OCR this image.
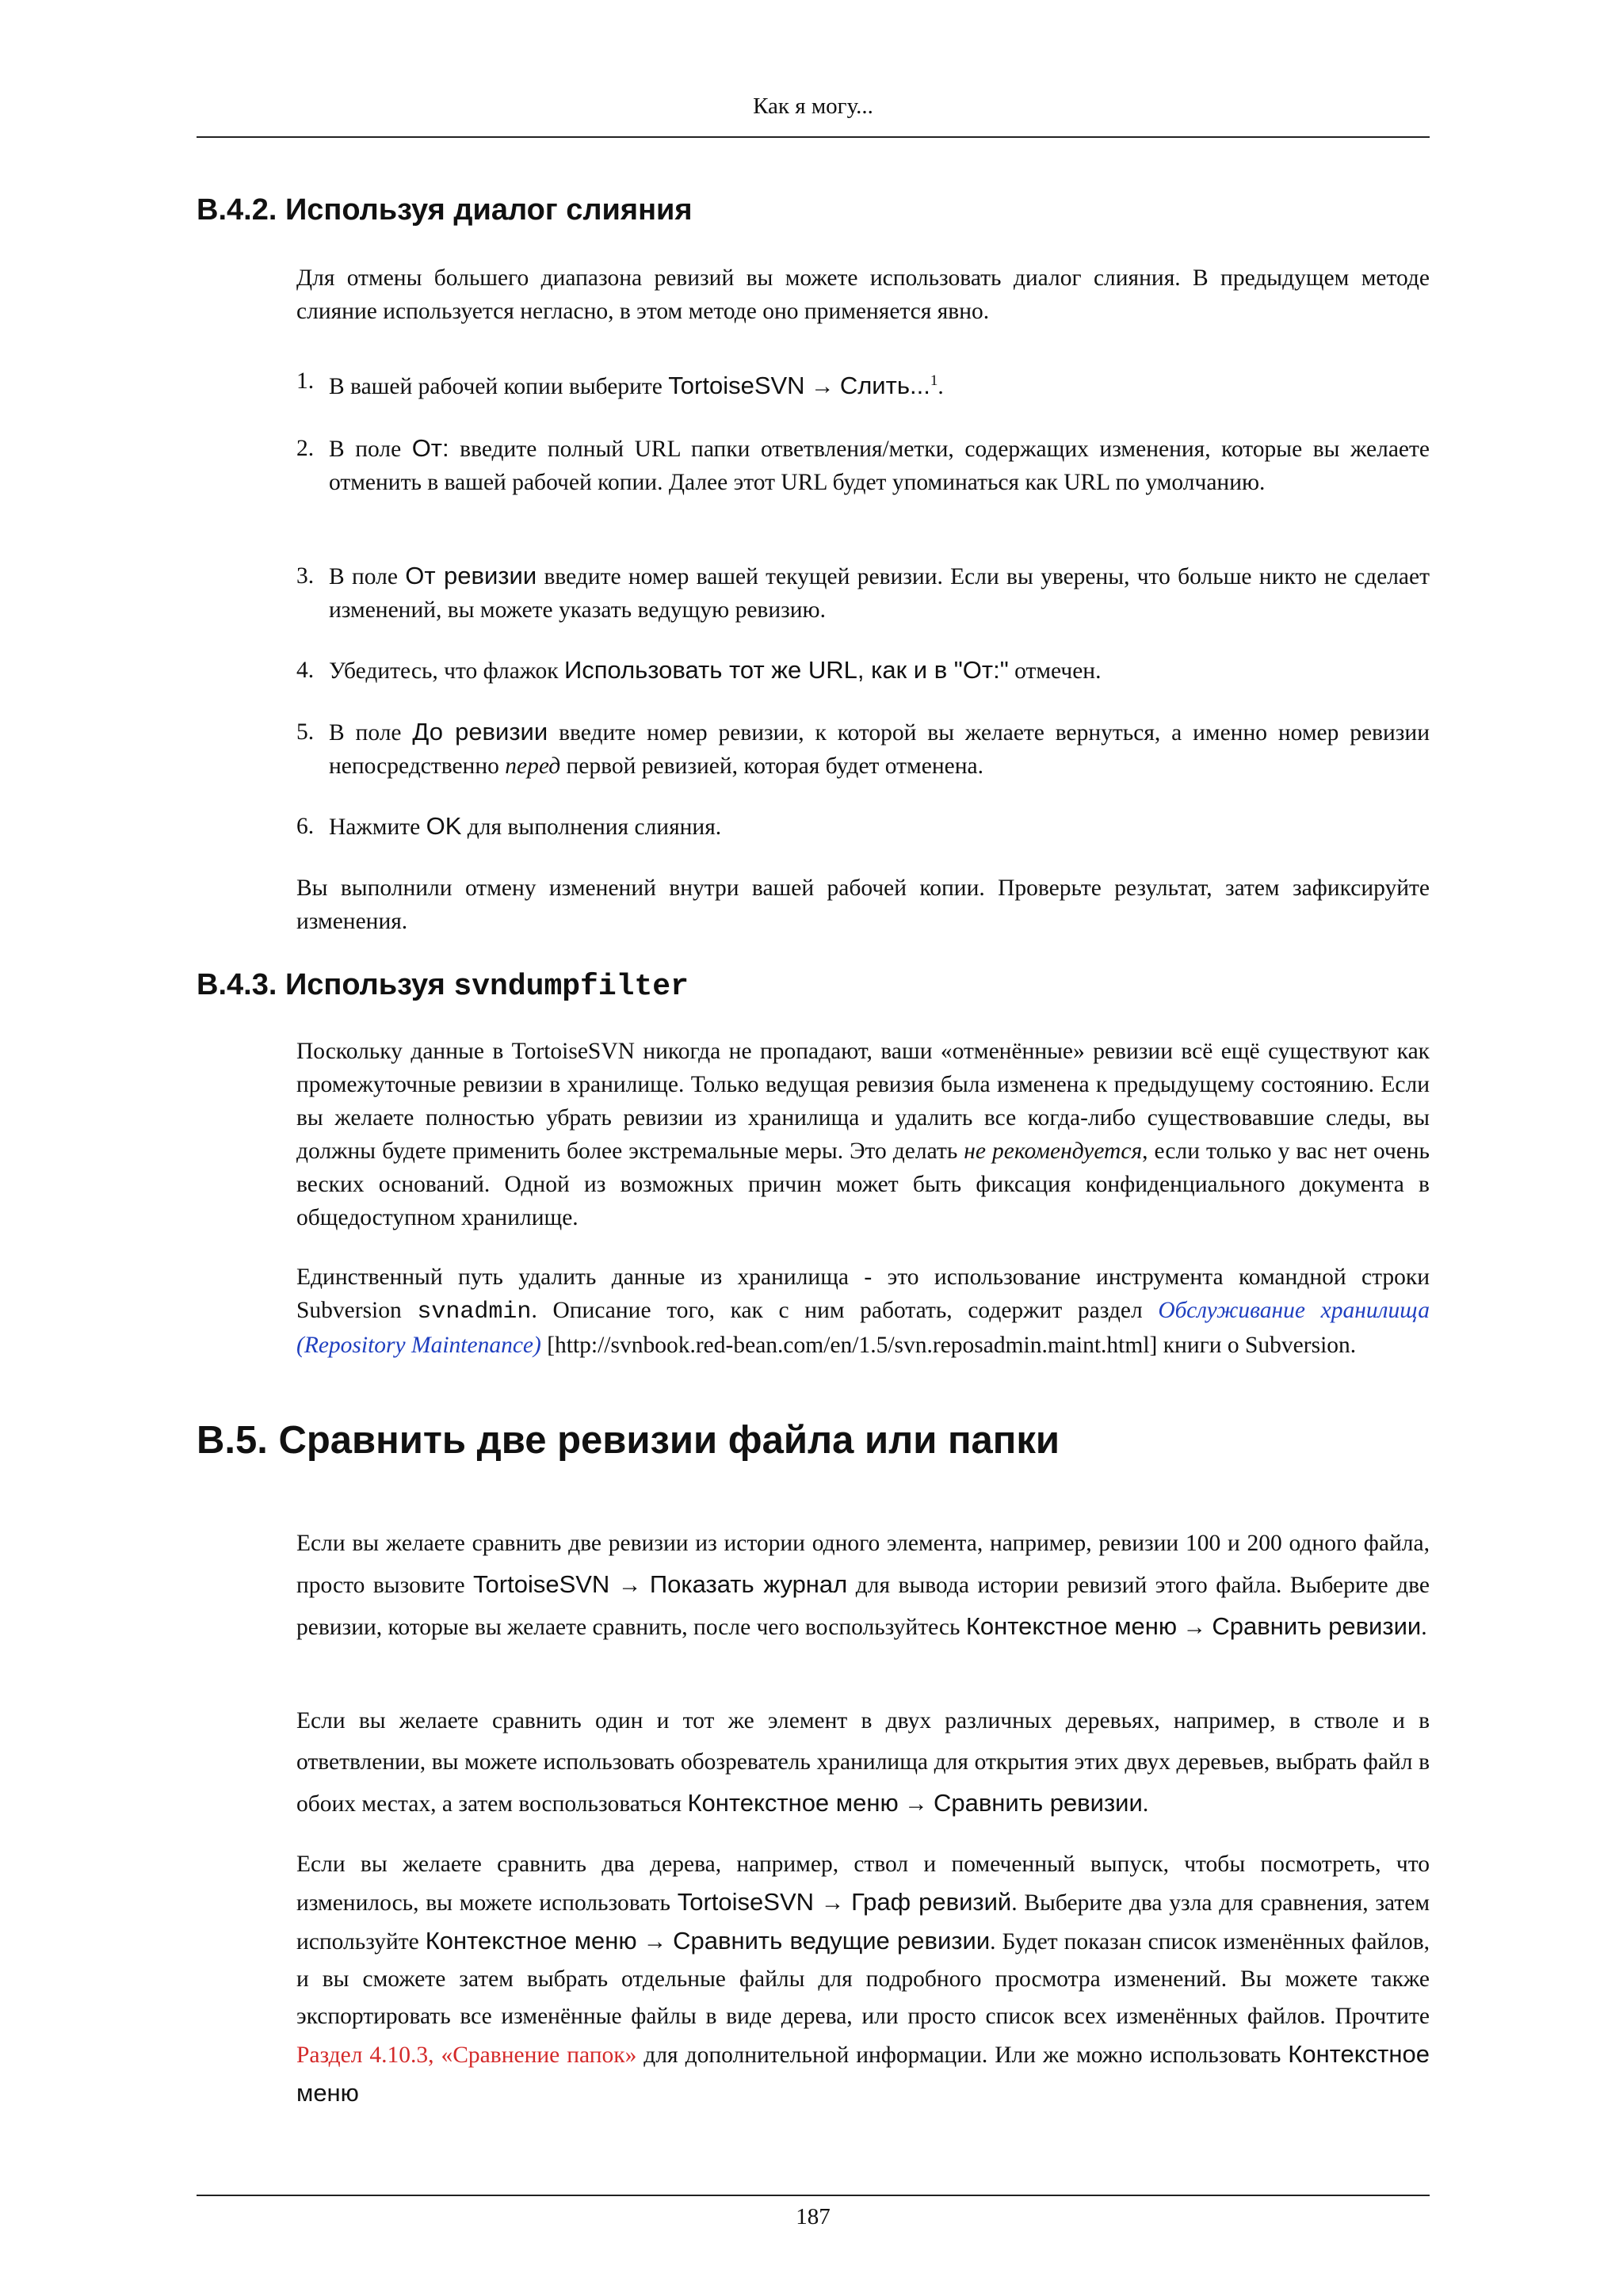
Как я могу...
B.4.2. Используя диалог слияния

Для отмены большего диапазона ревизий вы можете использовать диалог слияния. В предыдущем методе слияние используется негласно, в этом методе оно применяется явно.

1. В вашей рабочей копии выберите TortoiseSVN → Слить...$^1$.
2. В поле От: введите полный URL папки ответвления/метки, содержащих изменения, которые вы желаете отменить в вашей рабочей копии. Далее этот URL будет упоминаться как URL по умолчанию.
3. В поле От ревизии введите номер вашей текущей ревизии. Если вы уверены, что больше никто не сделает изменений, вы можете указать ведущую ревизию.
4. Убедитесь, что флажок Использовать тот же URL, как и в "От:" отмечен.
5. В поле До ревизии введите номер ревизии, к которой вы желаете вернуться, а именно номер ревизии непосредственно перед первой ревизией, которая будет отменена.
6. Нажмите OK для выполнения слияния.

Вы выполнили отмену изменений внутри вашей рабочей копии. Проверьте результат, затем зафиксируйте изменения.

B.4.3. Используя svndumpfilter

Поскольку данные в TortoiseSVN никогда не пропадают, ваши «отменённые» ревизии всё ещё существуют как промежуточные ревизии в хранилище. Только ведущая ревизия была изменена к предыдущему состоянию. Если вы желаете полностью убрать ревизии из хранилища и удалить все когда-либо существовавшие следы, вы должны будете применить более экстремальные меры. Это делать не рекомендуется, если только у вас нет очень веских оснований. Одной из возможных причин может быть фиксация конфиденциального документа в общедоступном хранилище.

Единственный путь удалить данные из хранилища - это использование инструмента командной строки Subversion svnadmin. Описание того, как с ним работать, содержит раздел Обслуживание хранилища (Repository Maintenance) [http://svnbook.red-bean.com/en/1.5/svn.reposadmin.maint.html] книги о Subversion.

B.5. Сравнить две ревизии файла или папки

Если вы желаете сравнить две ревизии из истории одного элемента, например, ревизии 100 и 200 одного файла, просто вызовите TortoiseSVN → Показать журнал для вывода истории ревизий этого файла. Выберите две ревизии, которые вы желаете сравнить, после чего воспользуйтесь Контекстное меню → Сравнить ревизии.

Если вы желаете сравнить один и тот же элемент в двух различных деревьях, например, в стволе и в ответвлении, вы можете использовать обозреватель хранилища для открытия этих двух деревьев, выбрать файл в обоих местах, а затем воспользоваться Контекстное меню → Сравнить ревизии.

Если вы желаете сравнить два дерева, например, ствол и помеченный выпуск, чтобы посмотреть, что изменилось, вы можете использовать TortoiseSVN → Граф ревизий. Выберите два узла для сравнения, затем используйте Контекстное меню → Сравнить ведущие ревизии. Будет показан список изменённых файлов, и вы сможете затем выбрать отдельные файлы для подробного просмотра изменений. Вы можете также экспортировать все изменённые файлы в виде дерева, или просто список всех изменённых файлов. Прочтите Раздел 4.10.3, «Сравнение папок» для дополнительной информации. Или же можно использовать Контекстное меню

187
